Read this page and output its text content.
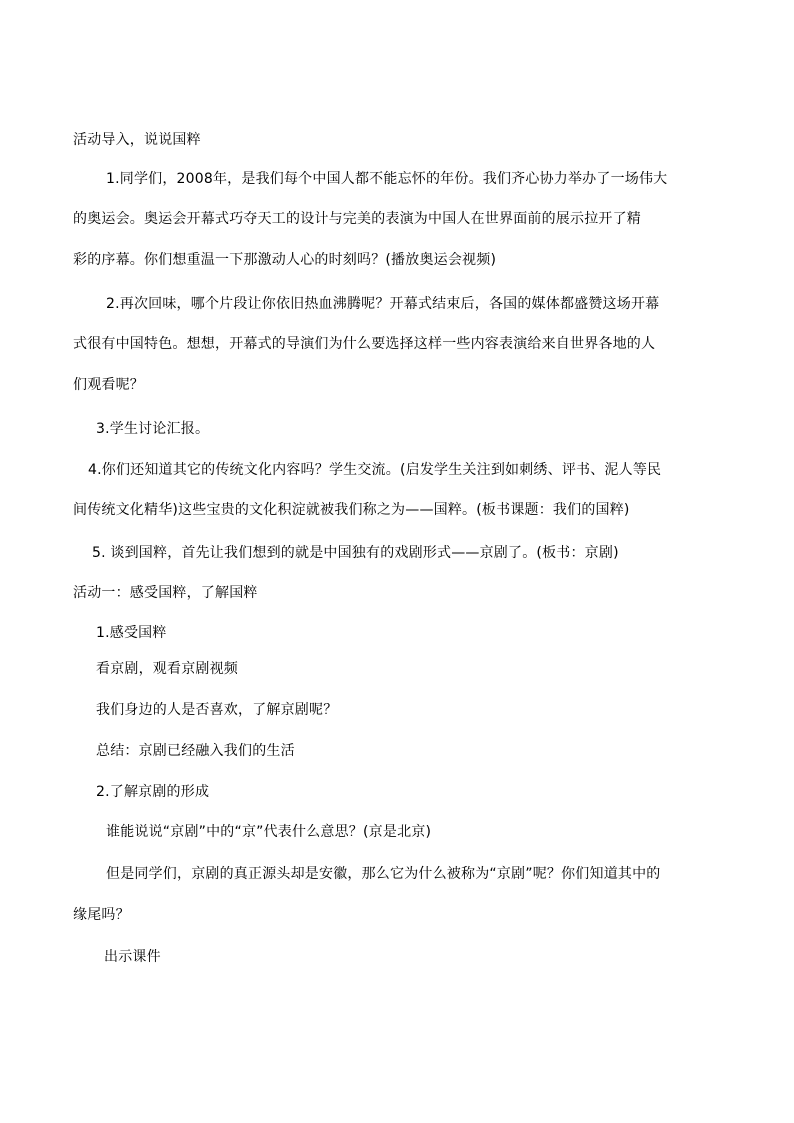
活动导入，说说国粹
1.同学们，2008年，是我们每个中国人都不能忘怀的年份。我们齐心协力举办了一场伟大
的奥运会。奥运会开幕式巧夺天工的设计与完美的表演为中国人在世界面前的展示拉开了精
彩的序幕。你们想重温一下那激动人心的时刻吗？(播放奥运会视频)
2.再次回味，哪个片段让你依旧热血沸腾呢？开幕式结束后，各国的媒体都盛赞这场开幕
式很有中国特色。想想，开幕式的导演们为什么要选择这样一些内容表演给来自世界各地的人
们观看呢？
3.学生讨论汇报。
4.你们还知道其它的传统文化内容吗？学生交流。(启发学生关注到如刺绣、评书、泥人等民
间传统文化精华)这些宝贵的文化积淀就被我们称之为——国粹。(板书课题：我们的国粹)
5. 谈到国粹，首先让我们想到的就是中国独有的戏剧形式——京剧了。(板书：京剧)
活动一：感受国粹，了解国粹
1.感受国粹
看京剧，观看京剧视频
我们身边的人是否喜欢，了解京剧呢？
总结：京剧已经融入我们的生活
2.了解京剧的形成
谁能说说“京剧”中的“京”代表什么意思？(京是北京)
但是同学们，京剧的真正源头却是安徽，那么它为什么被称为“京剧”呢？你们知道其中的
缘尾吗？
出示课件
